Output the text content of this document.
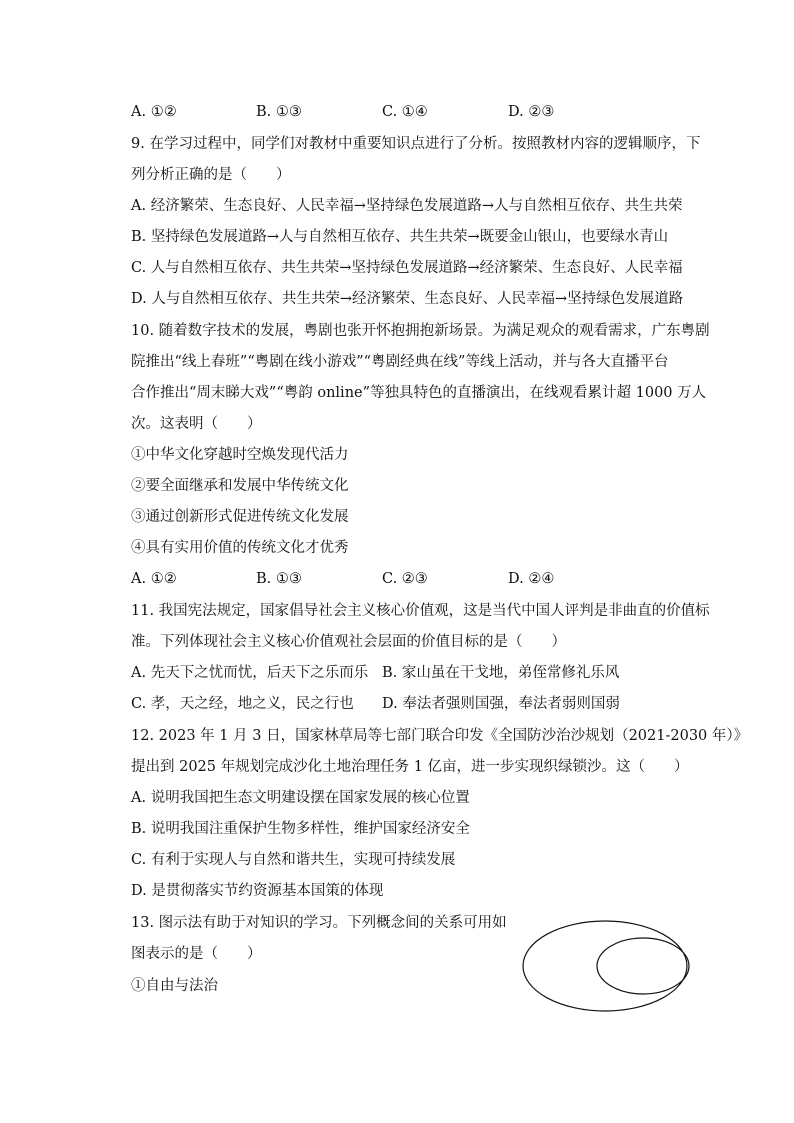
A. ①②	B. ①③	C. ①④	D. ②③
9. 在学习过程中，同学们对教材中重要知识点进行了分析。按照教材内容的逻辑顺序，下
列分析正确的是（　　）
A. 经济繁荣、生态良好、人民幸福→坚持绿色发展道路→人与自然相互依存、共生共荣
B. 坚持绿色发展道路→人与自然相互依存、共生共荣→既要金山银山，也要绿水青山
C. 人与自然相互依存、共生共荣→坚持绿色发展道路→经济繁荣、生态良好、人民幸福
D. 人与自然相互依存、共生共荣→经济繁荣、生态良好、人民幸福→坚持绿色发展道路
10. 随着数字技术的发展，粤剧也张开怀抱拥抱新场景。为满足观众的观看需求，广东粤剧
院推出“线上春班”“粤剧在线小游戏”“粤剧经典在线”等线上活动，并与各大直播平台
合作推出“周末睇大戏”“粤韵 online”等独具特色的直播演出，在线观看累计超 1000 万人
次。这表明（　　）
①中华文化穿越时空焕发现代活力
②要全面继承和发展中华传统文化
③通过创新形式促进传统文化发展
④具有实用价值的传统文化才优秀
A. ①②	B. ①③	C. ②③	D. ②④
11. 我国宪法规定，国家倡导社会主义核心价值观，这是当代中国人评判是非曲直的价值标
准。下列体现社会主义核心价值观社会层面的价值目标的是（　　）
A. 先天下之忧而忧，后天下之乐而乐 B. 家山虽在干戈地，弟侄常修礼乐风
C. 孝，天之经，地之义，民之行也 D. 奉法者强则国强，奉法者弱则国弱
12. 2023 年 1 月 3 日，国家林草局等七部门联合印发《全国防沙治沙规划（2021-2030 年）》
提出到 2025 年规划完成沙化土地治理任务 1 亿亩，进一步实现织绿锁沙。这（　　）
A. 说明我国把生态文明建设摆在国家发展的核心位置
B. 说明我国注重保护生物多样性，维护国家经济安全
C. 有利于实现人与自然和谐共生，实现可持续发展
D. 是贯彻落实节约资源基本国策的体现
13. 图示法有助于对知识的学习。下列概念间的关系可用如
图表示的是（　　）
①自由与法治
